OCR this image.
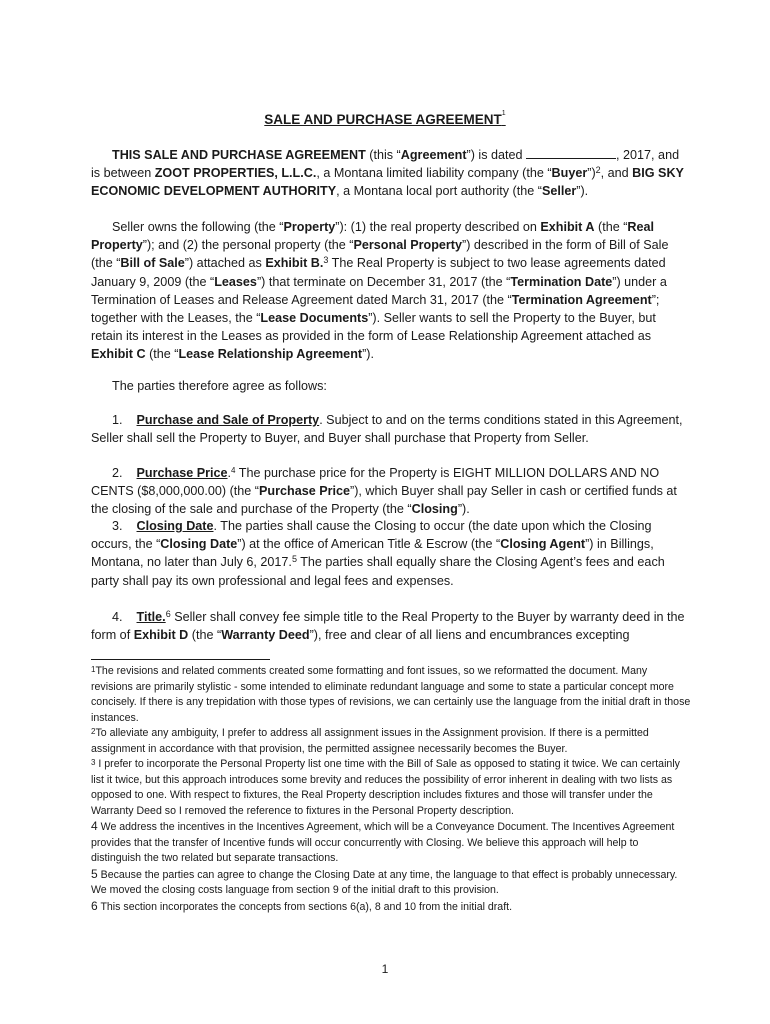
SALE AND PURCHASE AGREEMENT$^1$
THIS SALE AND PURCHASE AGREEMENT (this “Agreement”) is dated	, 2017, and is between ZOOT PROPERTIES, L.L.C., a Montana limited liability company (the “Buyer”)$^2$, and BIG SKY ECONOMIC DEVELOPMENT AUTHORITY, a Montana local port authority (the “Seller”).
Seller owns the following (the “Property”): (1) the real property described on Exhibit A (the “Real Property”); and (2) the personal property (the “Personal Property”) described in the form of Bill of Sale (the “Bill of Sale”) attached as Exhibit B.$^3$ The Real Property is subject to two lease agreements dated January 9, 2009 (the “Leases”) that terminate on December 31, 2017 (the “Termination Date”) under a Termination of Leases and Release Agreement dated March 31, 2017 (the “Termination Agreement”; together with the Leases, the “Lease Documents”). Seller wants to sell the Property to the Buyer, but retain its interest in the Leases as provided in the form of Lease Relationship Agreement attached as Exhibit C (the “Lease Relationship Agreement”).
The parties therefore agree as follows:
1. Purchase and Sale of Property. Subject to and on the terms conditions stated in this Agreement, Seller shall sell the Property to Buyer, and Buyer shall purchase that Property from Seller.
2. Purchase Price.$^4$ The purchase price for the Property is EIGHT MILLION DOLLARS AND NO CENTS ($8,000,000.00) (the “Purchase Price”), which Buyer shall pay Seller in cash or certified funds at the closing of the sale and purchase of the Property (the “Closing”).
3. Closing Date. The parties shall cause the Closing to occur (the date upon which the Closing occurs, the “Closing Date”) at the office of American Title & Escrow (the “Closing Agent”) in Billings, Montana, no later than July 6, 2017.$^5$ The parties shall equally share the Closing Agent’s fees and each party shall pay its own professional and legal fees and expenses.
4. Title.$^6$ Seller shall convey fee simple title to the Real Property to the Buyer by warranty deed in the form of Exhibit D (the “Warranty Deed”), free and clear of all liens and encumbrances excepting

$^1$The revisions and related comments created some formatting and font issues, so we reformatted the document. Many revisions are primarily stylistic - some intended to eliminate redundant language and some to state a particular concept more concisely. If there is any trepidation with those types of revisions, we can certainly use the language from the initial draft in those instances.

$^2$To alleviate any ambiguity, I prefer to address all assignment issues in the Assignment provision. If there is a permitted assignment in accordance with that provision, the permitted assignee necessarily becomes the Buyer.

$^3$ I prefer to incorporate the Personal Property list one time with the Bill of Sale as opposed to stating it twice. We can certainly list it twice, but this approach introduces some brevity and reduces the possibility of error inherent in dealing with two lists as opposed to one. With respect to fixtures, the Real Property description includes fixtures and those will transfer under the Warranty Deed so I removed the reference to fixtures in the Personal Property description.

4 We address the incentives in the Incentives Agreement, which will be a Conveyance Document. The Incentives Agreement provides that the transfer of Incentive funds will occur concurrently with Closing. We believe this approach will help to distinguish the two related but separate transactions.

5 Because the parties can agree to change the Closing Date at any time, the language to that effect is probably unnecessary. We moved the closing costs language from section 9 of the initial draft to this provision.

6 This section incorporates the concepts from sections 6(a), 8 and 10 from the initial draft.

1
